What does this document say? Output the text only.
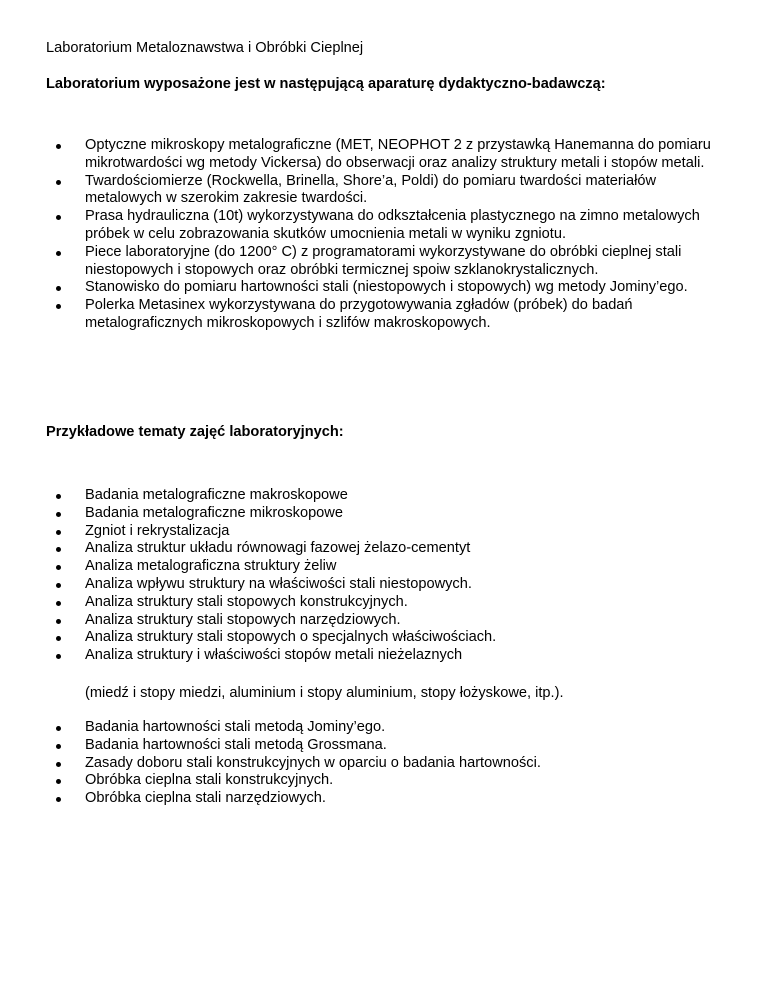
Laboratorium Metaloznawstwa i Obróbki Cieplnej

Laboratorium wyposażone jest w następującą aparaturę dydaktyczno-badawczą:

Optyczne mikroskopy metalograficzne (MET, NEOPHOT 2 z przystawką Hanemanna do pomiaru mikrotwardości wg metody Vickersa) do obserwacji oraz analizy struktury metali i stopów metali.
Twardościomierze (Rockwella, Brinella, Shore’a, Poldi) do pomiaru twardości materiałów metalowych w szerokim zakresie twardości.
Prasa hydrauliczna (10t) wykorzystywana do odkształcenia plastycznego na zimno metalowych próbek w celu zobrazowania skutków umocnienia metali w wyniku zgniotu.
Piece laboratoryjne (do 1200° C) z programatorami wykorzystywane do obróbki cieplnej stali niestopowych i stopowych oraz obróbki termicznej spoiw szklanokrystalicznych.
Stanowisko do pomiaru hartowności stali (niestopowych i stopowych) wg metody Jominy’ego.
Polerka Metasinex wykorzystywana do przygotowywania zgładów (próbek) do badań metalograficznych mikroskopowych i szlifów makroskopowych.

Przykładowe tematy zajęć laboratoryjnych:

Badania metalograficzne makroskopowe
Badania metalograficzne mikroskopowe
Zgniot i rekrystalizacja
Analiza struktur układu równowagi fazowej żelazo-cementyt
Analiza metalograficzna struktury żeliw
Analiza wpływu struktury na właściwości stali niestopowych.
Analiza struktury stali stopowych konstrukcyjnych.
Analiza struktury stali stopowych narzędziowych.
Analiza struktury stali stopowych o specjalnych właściwościach.
Analiza struktury i właściwości stopów metali nieżelaznych

(miedź i stopy miedzi, aluminium i stopy aluminium, stopy łożyskowe, itp.).

Badania hartowności stali metodą Jominy’ego.
Badania hartowności stali metodą Grossmana.
Zasady doboru stali konstrukcyjnych w oparciu o badania hartowności.
Obróbka cieplna stali konstrukcyjnych.
Obróbka cieplna stali narzędziowych.
